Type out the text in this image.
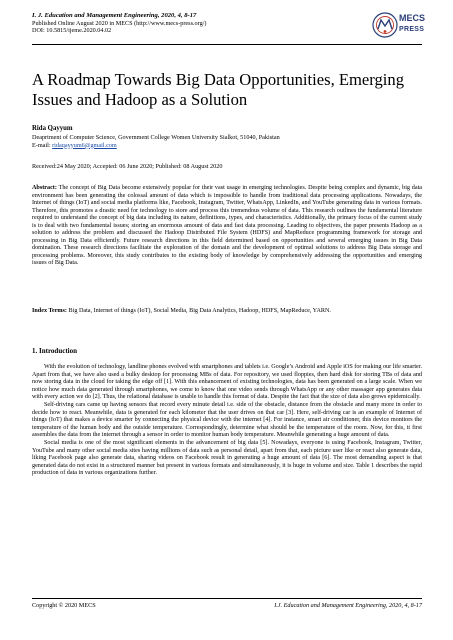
I. J. Education and Management Engineering, 2020, 4, 8-17
Published Online August 2020 in MECS (http://www.mecs-press.org/)
DOI: 10.5815/ijeme.2020.04.02
MECS
PRESS
A Roadmap Towards Big Data Opportunities, Emerging Issues and Hadoop as a Solution
Rida Qayyum
Deaprtment of Computer Science, Government College Women University Sialkot, 51040, Pakistan
E-mail: ridaqayyum6@gmail.com
Received:24 May 2020; Accepted: 06 June 2020; Published: 08 August 2020
Abstract: The concept of Big Data become extensively popular for their vast usage in emerging technologies. Despite being complex and dynamic, big data environment has been generating the colossal amount of data which is impossible to handle from traditional data processing applications. Nowadays, the Internet of things (IoT) and social media platforms like, Facebook, Instagram, Twitter, WhatsApp, LinkedIn, and YouTube generating data in various formats. Therefore, this promotes a drastic need for technology to store and process this tremendous volume of data. This research outlines the fundamental literature required to understand the concept of big data including its nature, definitions, types, and characteristics. Additionally, the primary focus of the current study is to deal with two fundamental issues; storing an enormous amount of data and fast data processing. Leading to objectives, the paper presents Hadoop as a solution to address the problem and discussed the Hadoop Distributed File System (HDFS) and MapReduce programming framework for storage and processing in Big Data efficiently. Future research directions in this field determined based on opportunities and several emerging issues in Big Data domination. These research directions facilitate the exploration of the domain and the development of optimal solutions to address Big Data storage and processing problems. Moreover, this study contributes to the existing body of knowledge by comprehensively addressing the opportunities and emerging issues of Big Data.
Index Terms: Big Data, Internet of things (IoT), Social Media, Big Data Analytics, Hadoop, HDFS, MapReduce, YARN.
1. Introduction

With the evolution of technology, landline phones evolved with smartphones and tablets i.e. Google’s Android and Apple iOS for making our life smarter. Apart from that, we have also used a bulky desktop for processing MBs of data. For repository, we used floppies, then hard disk for storing TBs of data and now storing data in the cloud for taking the edge off [1]. With this enhancement of existing technologies, data has been generated on a large scale. When we notice how much data generated through smartphones, we come to know that one video sends through WhatsApp or any other massager app generates data with every action we do [2]. Thus, the relational database is unable to handle this format of data. Despite the fact that the size of data also grows epidemically.

Self-driving cars came up having sensors that record every minute detail i.e. side of the obstacle, distance from the obstacle and many more in order to decide how to react. Meanwhile, data is generated for each kilometer that the user drives on that car [3]. Here, self-driving car is an example of Internet of things (IoT) that makes a device smarter by connecting the physical device with the internet [4]. For instance, smart air conditioner, this device monitors the temperature of the human body and the outside temperature. Correspondingly, determine what should be the temperature of the room. Now, for this, it first assembles the data from the internet through a sensor in order to monitor human body temperature. Meanwhile generating a huge amount of data.

Social media is one of the most significant elements in the advancement of big data [5]. Nowadays, everyone is using Facebook, Instagram, Twitter, YouTube and many other social media sites having millions of data such as personal detail, apart from that, each picture user like or react also generate data, liking Facebook page also generate data, sharing videos on Facebook result in generating a huge amount of data [6]. The most demanding aspect is that generated data do not exist in a structured manner but present in various formats and simultaneously, it is huge in volume and size. Table 1 describes the rapid production of data in various organizations further.

Copyright © 2020 MECS	I.J. Education and Management Engineering, 2020, 4, 8-17
